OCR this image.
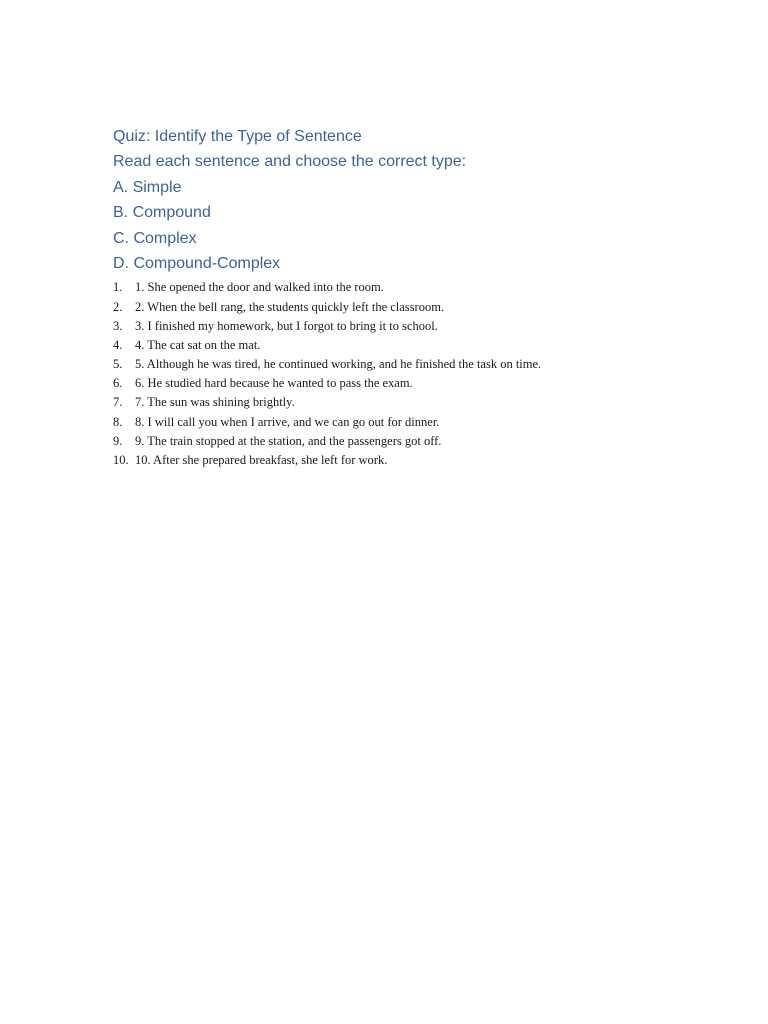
Quiz: Identify the Type of Sentence
Read each sentence and choose the correct type:
A. Simple
B. Compound
C. Complex
D. Compound-Complex
1.	1. She opened the door and walked into the room.
2.	2. When the bell rang, the students quickly left the classroom.
3.	3. I finished my homework, but I forgot to bring it to school.
4.	4. The cat sat on the mat.
5.	5. Although he was tired, he continued working, and he finished the task on time.
6.	6. He studied hard because he wanted to pass the exam.
7.	7. The sun was shining brightly.
8.	8. I will call you when I arrive, and we can go out for dinner.
9.	9. The train stopped at the station, and the passengers got off.
10. 10. After she prepared breakfast, she left for work.
